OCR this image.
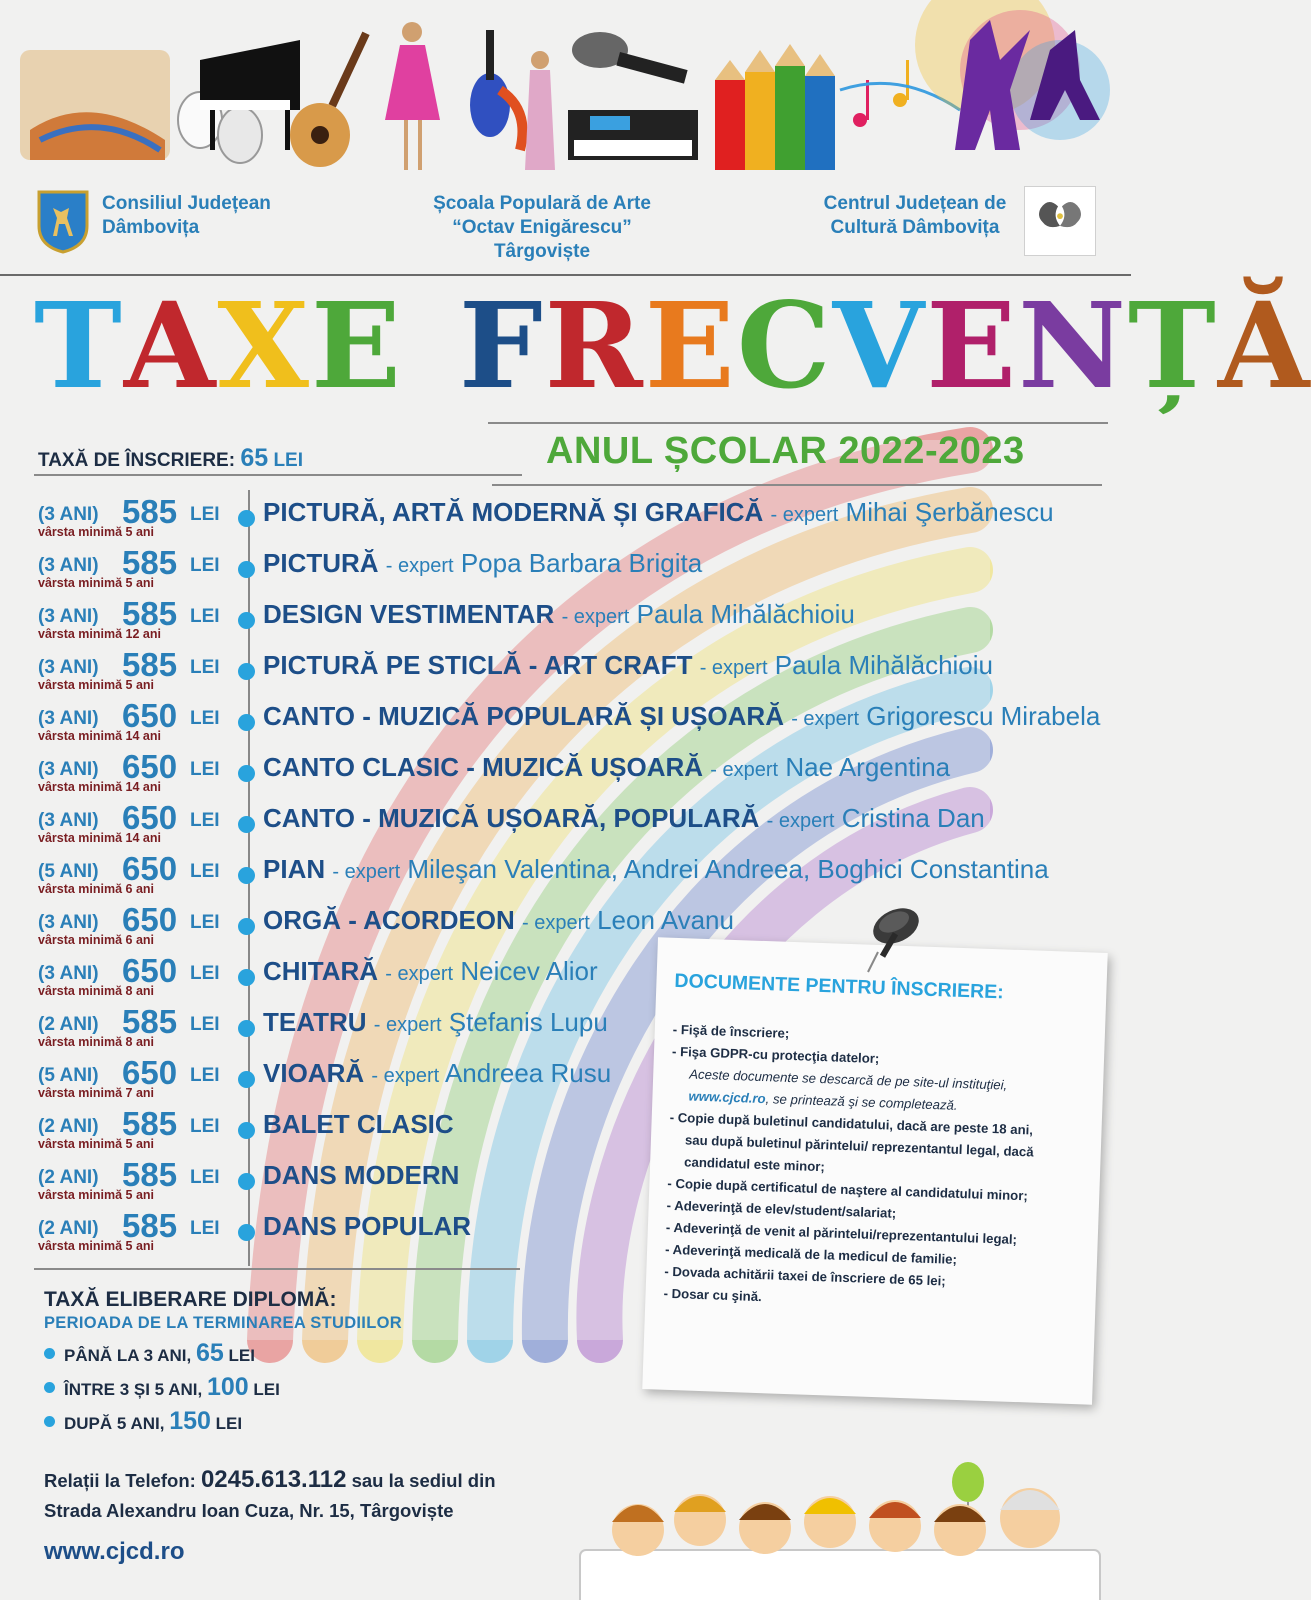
Consiliul Județean
Dâmbovița
Școala Populară de Arte
“Octav Enigărescu” Târgoviște
Centrul Județean de
Cultură Dâmbovița
TAXE FRECVENȚĂ
TAXĂ DE ÎNSCRIERE: 65 LEI	ANUL ȘCOLAR 2022-2023
(3 ANI) 585 LEI
vârsta minimă 5 ani
PICTURĂ, ARTĂ MODERNĂ ȘI GRAFICĂ - expert Mihai Şerbănescu
(3 ANI) 585 LEI
vârsta minimă 5 ani
PICTURĂ - expert Popa Barbara Brigita
(3 ANI) 585 LEI
vârsta minimă 12 ani
DESIGN VESTIMENTAR - expert Paula Mihălăchioiu
(3 ANI) 585 LEI
vârsta minimă 5 ani
PICTURĂ PE STICLĂ - ART CRAFT - expert Paula Mihălăchioiu
(3 ANI) 650 LEI
vârsta minimă 14 ani
CANTO - MUZICĂ POPULARĂ ȘI UȘOARĂ - expert Grigorescu Mirabela
(3 ANI) 650 LEI
vârsta minimă 14 ani
CANTO CLASIC - MUZICĂ UȘOARĂ - expert Nae Argentina
(3 ANI) 650 LEI
vârsta minimă 14 ani
CANTO - MUZICĂ UȘOARĂ, POPULARĂ - expert Cristina Dan
(5 ANI) 650 LEI
vârsta minimă 6 ani
PIAN - expert Mileşan Valentina, Andrei Andreea, Boghici Constantina
(3 ANI) 650 LEI
vârsta minimă 6 ani
ORGĂ - ACORDEON - expert Leon Avanu
(3 ANI) 650 LEI
vârsta minimă 8 ani
CHITARĂ - expert Neicev Alior
(2 ANI) 585 LEI
vârsta minimă 8 ani
TEATRU - expert Ştefanis Lupu
(5 ANI) 650 LEI
vârsta minimă 7 ani
VIOARĂ - expert Andreea Rusu
(2 ANI) 585 LEI
vârsta minimă 5 ani
BALET CLASIC
(2 ANI) 585 LEI
vârsta minimă 5 ani
DANS MODERN
(2 ANI) 585 LEI
vârsta minimă 5 ani
DANS POPULAR
TAXĂ ELIBERARE DIPLOMĂ:
PERIOADA DE LA TERMINAREA STUDIILOR
PÂNĂ LA 3 ANI, 65 LEI
ÎNTRE 3 ȘI 5 ANI, 100 LEI
DUPĂ 5 ANI, 150 LEI
Relații la Telefon: 0245.613.112 sau la sediul din
Strada Alexandru Ioan Cuza, Nr. 15, Târgoviște
www.cjcd.ro
DOCUMENTE PENTRU ÎNSCRIERE:
- Fişă de înscriere;
- Fişa GDPR-cu protecţia datelor;
Aceste documente se descarcă de pe site-ul instituţiei,
www.cjcd.ro, se printează şi se completează.
- Copie după buletinul candidatului, dacă are peste 18 ani,
sau după buletinul părintelui/ reprezentantul legal, dacă
candidatul este minor;
- Copie după certificatul de naştere al candidatului minor;
- Adeverinţă de elev/student/salariat;
- Adeverinţă de venit al părintelui/reprezentantului legal;
- Adeverinţă medicală de la medicul de familie;
- Dovada achitării taxei de înscriere de 65 lei;
- Dosar cu şină.
